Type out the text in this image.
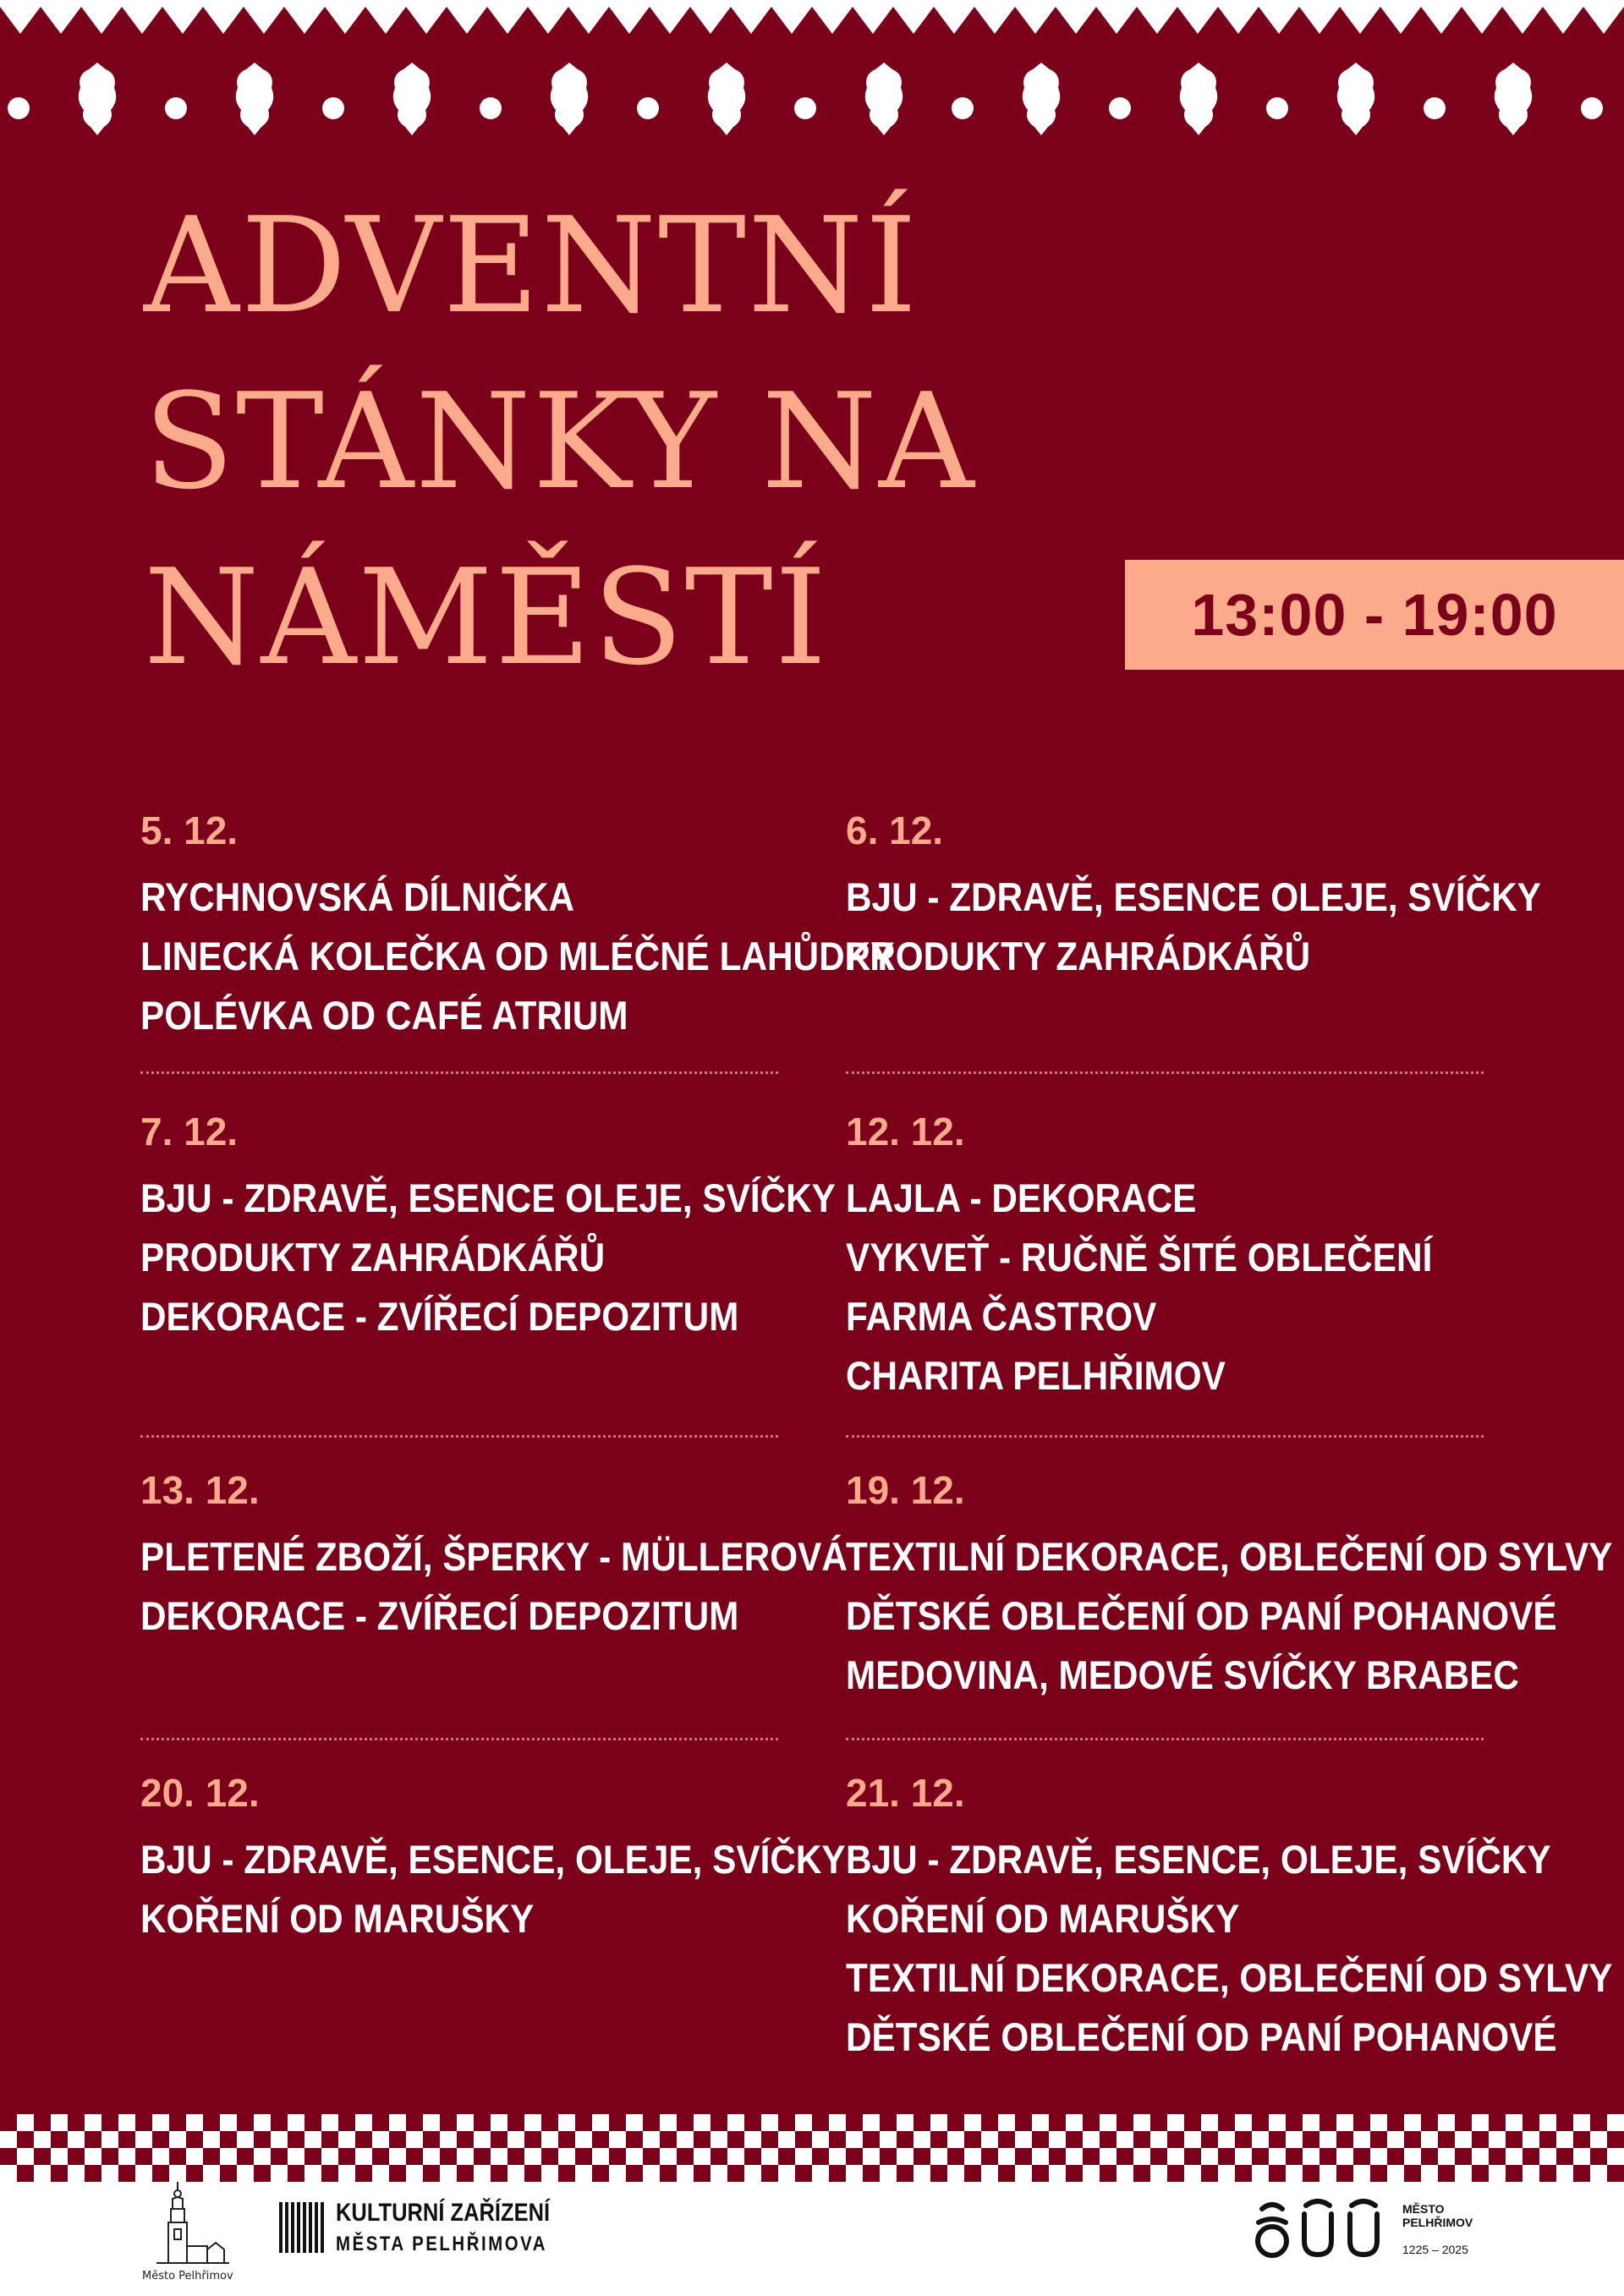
ADVENTNÍ
STÁNKY NA
NÁMĚSTÍ	13:00 - 19:00
5. 12.
RYCHNOVSKÁ DÍLNIČKA
LINECKÁ KOLEČKA OD MLÉČNÉ LAHŮDKY
POLÉVKA OD CAFÉ ATRIUM
6. 12.
BJU - ZDRAVĚ, ESENCE OLEJE, SVÍČKY
PRODUKTY ZAHRÁDKÁŘŮ
7. 12.
BJU - ZDRAVĚ, ESENCE OLEJE, SVÍČKY
PRODUKTY ZAHRÁDKÁŘŮ
DEKORACE - ZVÍŘECÍ DEPOZITUM
12. 12.
LAJLA - DEKORACE
VYKVEŤ - RUČNĚ ŠITÉ OBLEČENÍ
FARMA ČASTROV
CHARITA PELHŘIMOV
13. 12.
PLETENÉ ZBOŽÍ, ŠPERKY - MÜLLEROVÁ
DEKORACE - ZVÍŘECÍ DEPOZITUM
19. 12.
TEXTILNÍ DEKORACE, OBLEČENÍ OD SYLVY
DĚTSKÉ OBLEČENÍ OD PANÍ POHANOVÉ
MEDOVINA, MEDOVÉ SVÍČKY BRABEC
20. 12.
BJU - ZDRAVĚ, ESENCE, OLEJE, SVÍČKY
KOŘENÍ OD MARUŠKY
21. 12.
BJU - ZDRAVĚ, ESENCE, OLEJE, SVÍČKY
KOŘENÍ OD MARUŠKY
TEXTILNÍ DEKORACE, OBLEČENÍ OD SYLVY
DĚTSKÉ OBLEČENÍ OD PANÍ POHANOVÉ
Město Pelhřimov
KULTURNÍ ZAŘÍZENÍ
MĚSTA PELHŘIMOVA
MĚSTO
PELHŘIMOV
1225 – 2025
